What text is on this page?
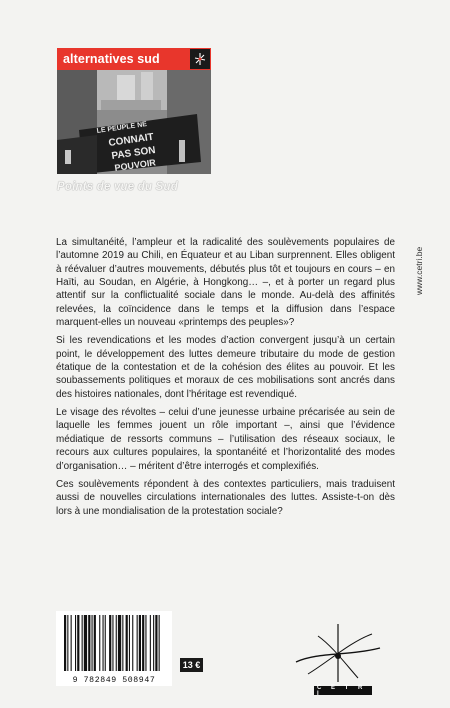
alternatives sud
LE PEUPLE NE
CONNAIT
PAS SON
POUVOIR
Points de vue du Sud
www.cetri.be

La simultanéité, l’ampleur et la radicalité des soulèvements populaires de l’automne 2019 au Chili, en Équateur et au Liban surprennent. Elles obligent à réévaluer d’autres mouvements, débutés plus tôt et toujours en cours – en Haïti, au Soudan, en Algérie, à Hongkong… –, et à porter un regard plus attentif sur la conflictualité sociale dans le monde. Au-delà des affinités relevées, la coïncidence dans le temps et la diffusion dans l’espace marquent-elles un nouveau «printemps des peuples»?

Si les revendications et les modes d’action convergent jusqu’à un certain point, le développement des luttes demeure tributaire du mode de gestion étatique de la contestation et de la cohésion des élites au pouvoir. Et les soubassements politiques et moraux de ces mobilisations sont ancrés dans des histoires nationales, dont l’héritage est revendiqué.

Le visage des révoltes – celui d’une jeunesse urbaine précarisée au sein de laquelle les femmes jouent un rôle important –, ainsi que l’évidence médiatique de ressorts communs – l’utilisation des réseaux sociaux, le recours aux cultures populaires, la spontanéité et l’horizontalité des modes d’organisation… – méritent d’être interrogés et complexifiés.

Ces soulèvements répondent à des contextes particuliers, mais traduisent aussi de nouvelles circulations internationales des luttes. Assiste-t-on dès lors à une mondialisation de la protestation sociale?

9 782849 508947
13 €
C E T R I
